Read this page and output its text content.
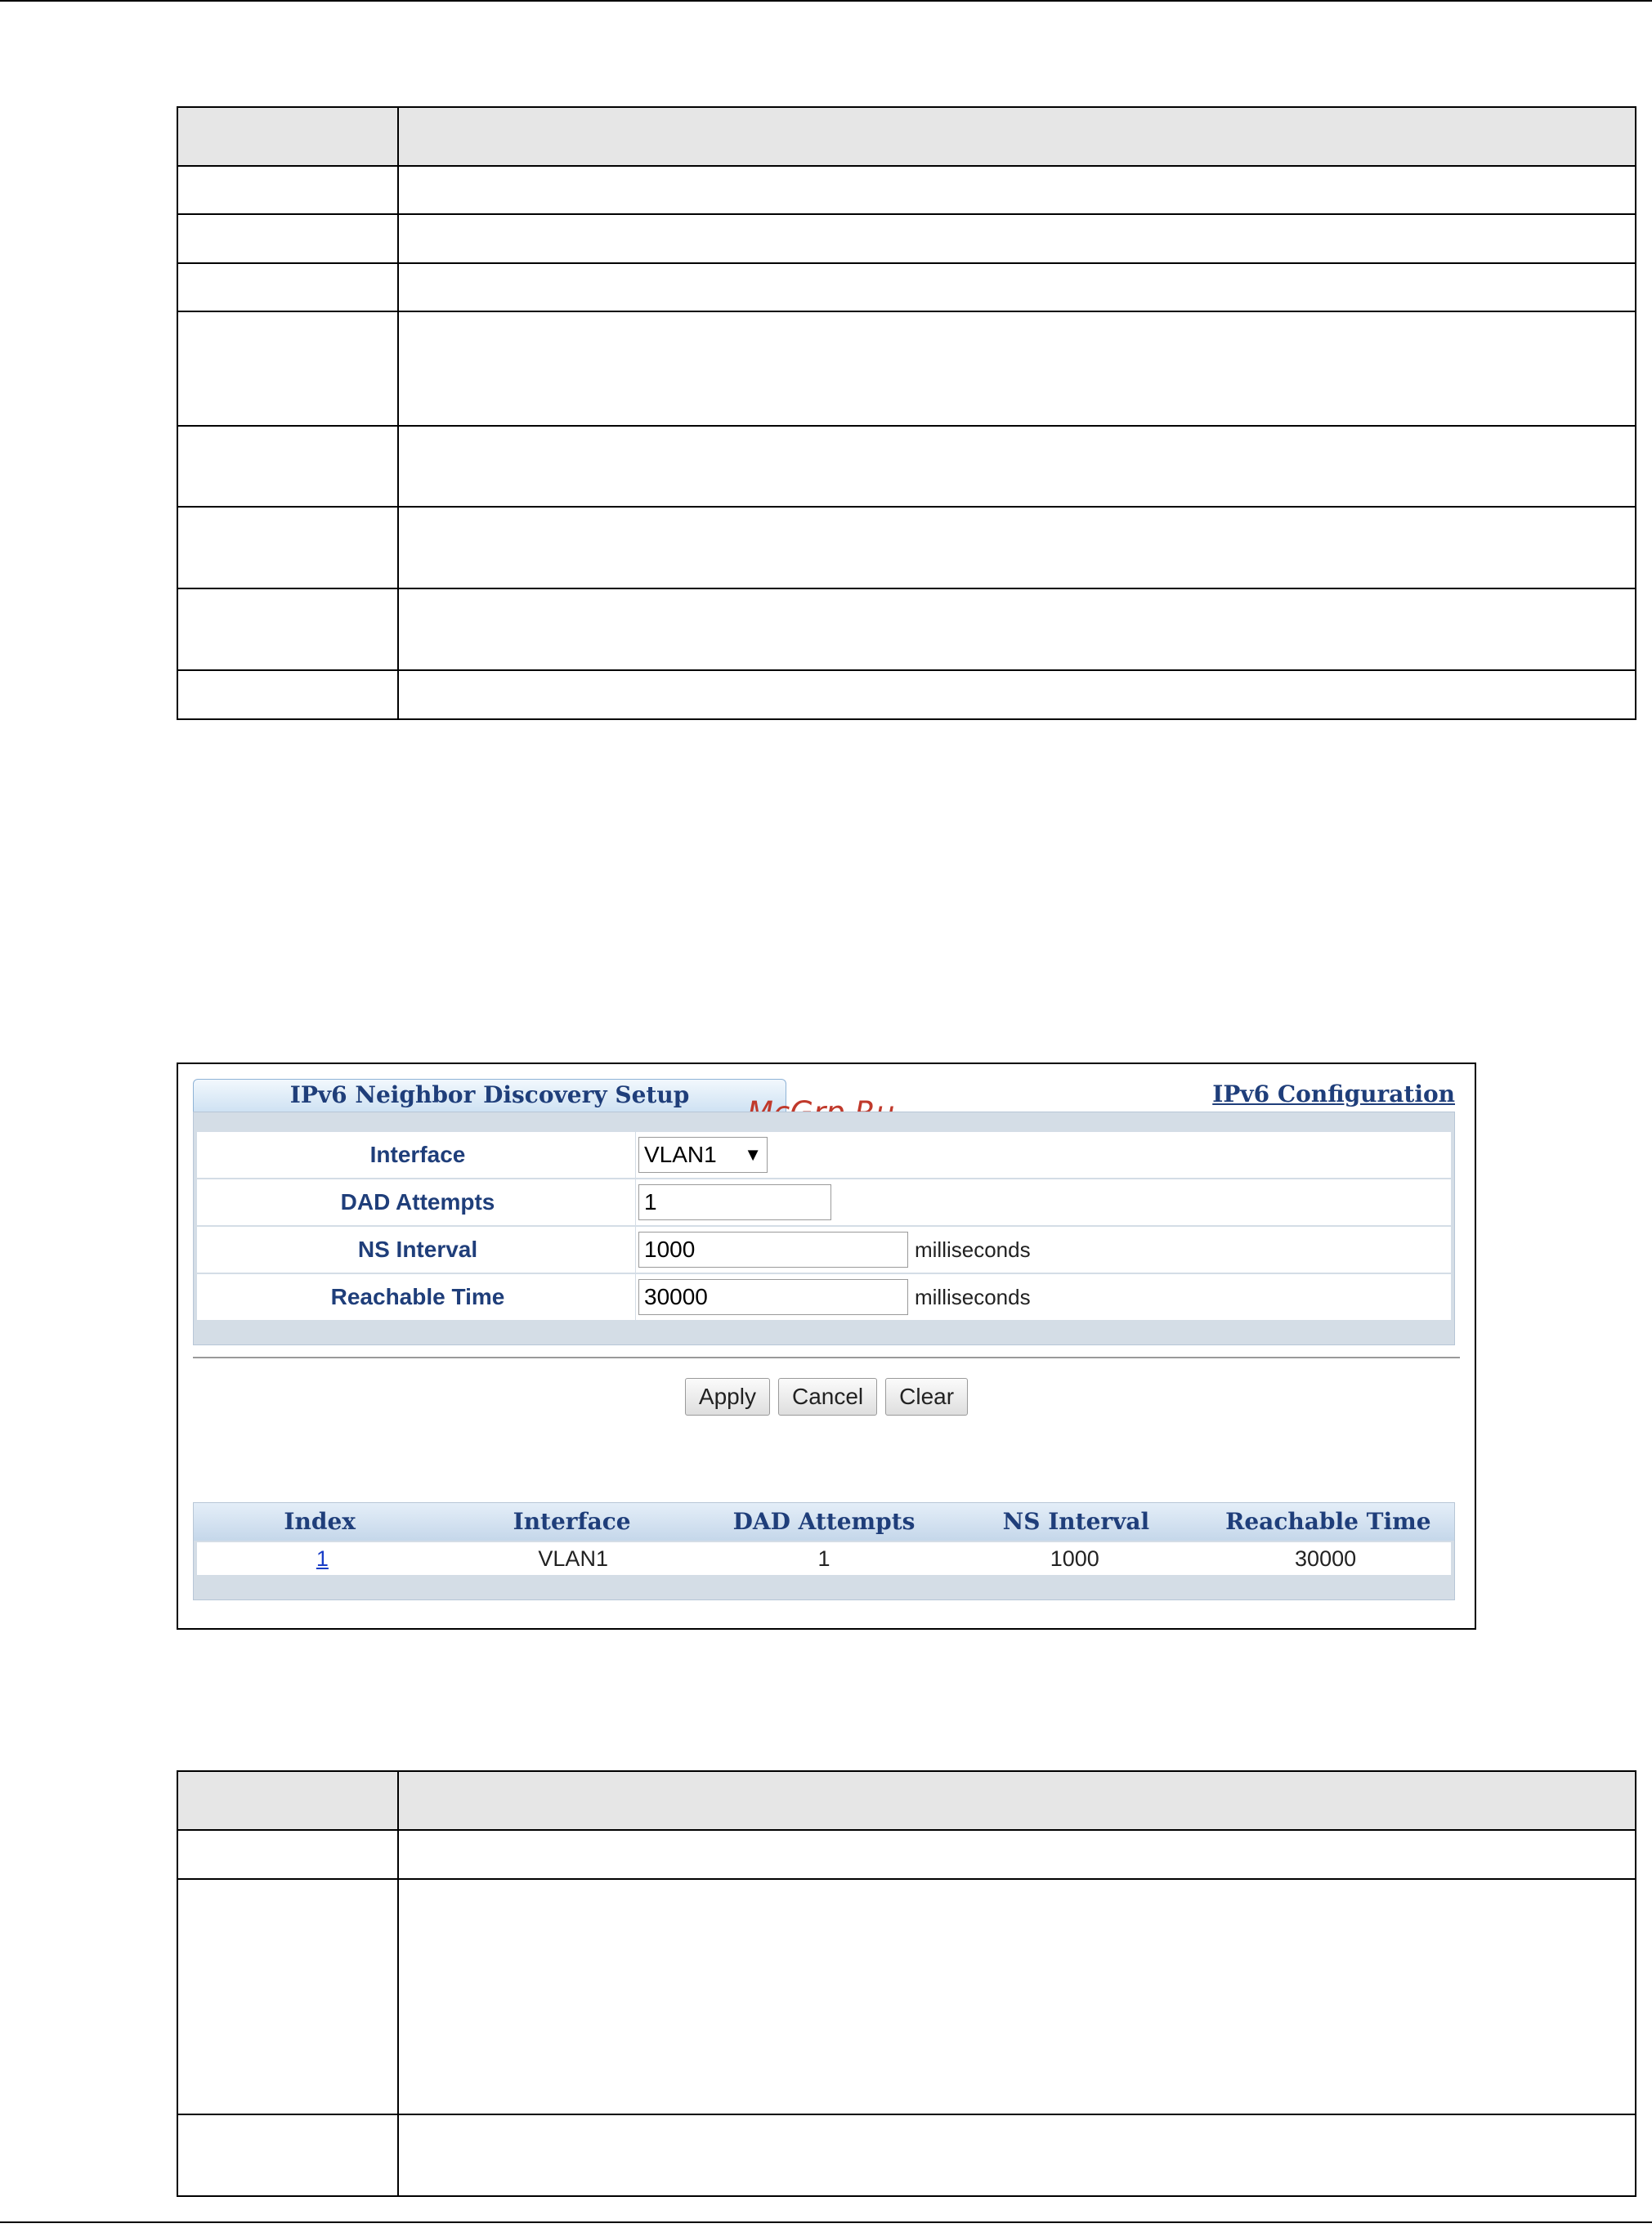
IPv6 Neighbor Discovery Setup	IPv6 Configuration
Interface	VLAN1 ▼
DAD Attempts	1
NS Interval	1000	milliseconds
Reachable Time	30000	milliseconds
Apply	Cancel	Clear
Index	Interface	DAD Attempts	NS Interval	Reachable Time
1	VLAN1	1	1000	30000
